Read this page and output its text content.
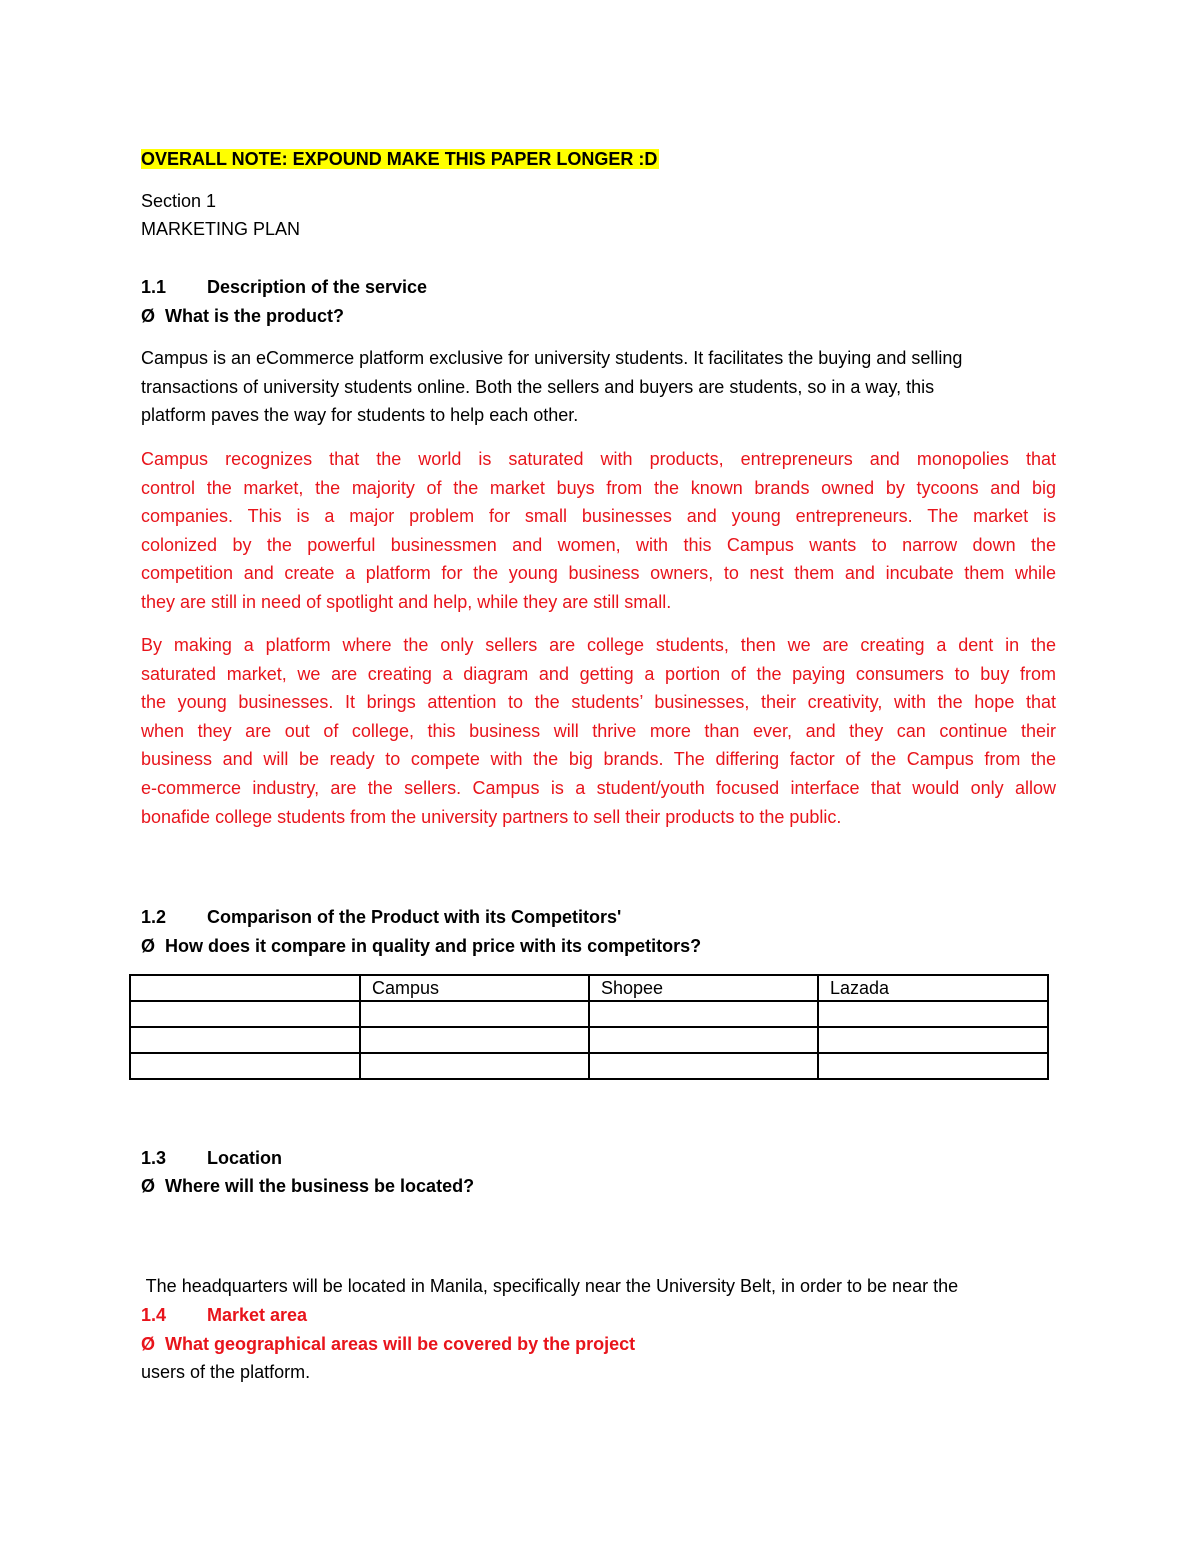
OVERALL NOTE: EXPOUND MAKE THIS PAPER LONGER :D
Section 1
MARKETING PLAN
1.1 Description of the service
Ø What is the product?
Campus is an eCommerce platform exclusive for university students. It facilitates the buying and selling
transactions of university students online. Both the sellers and buyers are students, so in a way, this
platform paves the way for students to help each other.
Campus recognizes that the world is saturated with products, entrepreneurs and monopolies that
control the market, the majority of the market buys from the known brands owned by tycoons and big
companies. This is a major problem for small businesses and young entrepreneurs. The market is
colonized by the powerful businessmen and women, with this Campus wants to narrow down the
competition and create a platform for the young business owners, to nest them and incubate them while
they are still in need of spotlight and help, while they are still small.
By making a platform where the only sellers are college students, then we are creating a dent in the
saturated market, we are creating a diagram and getting a portion of the paying consumers to buy from
the young businesses. It brings attention to the students’ businesses, their creativity, with the hope that
when they are out of college, this business will thrive more than ever, and they can continue their
business and will be ready to compete with the big brands. The differing factor of the Campus from the
e-commerce industry, are the sellers. Campus is a student/youth focused interface that would only allow
bonafide college students from the university partners to sell their products to the public.
1.2 Comparison of the Product with its Competitors'
Ø How does it compare in quality and price with its competitors?
	Campus	Shopee	Lazada

1.3 Location
Ø Where will the business be located?

The headquarters will be located in Manila, specifically near the University Belt, in order to be near the

users of the platform.

1.4 Market area
Ø What geographical areas will be covered by the project
